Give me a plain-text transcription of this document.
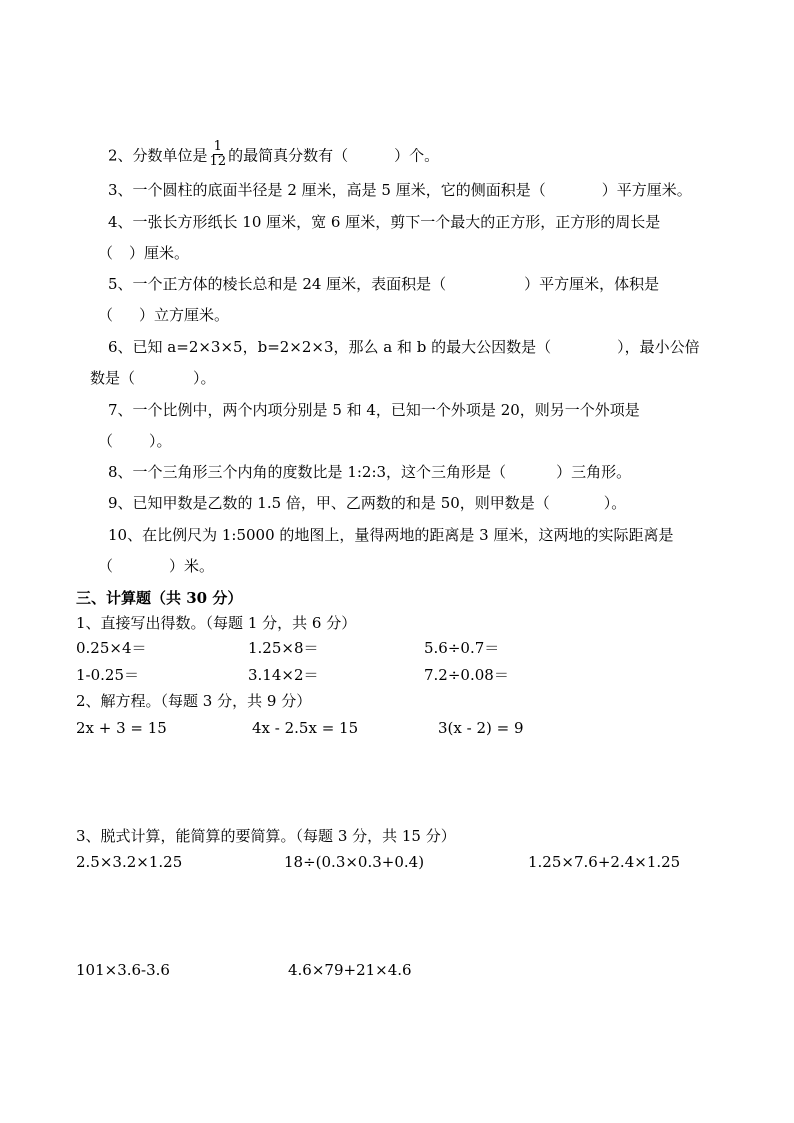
2、分数单位是 $\frac{1}{12}$ 的最简真分数有（	）个。
3、一个圆柱的底面半径是 2 厘米，高是 5 厘米，它的侧面积是（	）平方厘米。
4、一张长方形纸长 10 厘米，宽 6 厘米，剪下一个最大的正方形，正方形的周长是
（ ）厘米。
5、一个正方体的棱长总和是 24 厘米，表面积是（	）平方厘米，体积是
（ ）立方厘米。
6、已知 a=2×3×5，b=2×2×3，那么 a 和 b 的最大公因数是（	），最小公倍
数是（	）。
7、一个比例中，两个内项分别是 5 和 4，已知一个外项是 20，则另一个外项是
（ ）。
8、一个三角形三个内角的度数比是 1:2:3，这个三角形是（	）三角形。
9、已知甲数是乙数的 1.5 倍，甲、乙两数的和是 50，则甲数是（	）。
10、在比例尺为 1:5000 的地图上，量得两地的距离是 3 厘米，这两地的实际距离是
（	）米。
三、计算题（共 30 分）
1、直接写出得数。（每题 1 分，共 6 分）
0.25×4＝	1.25×8＝	5.6÷0.7＝
1-0.25＝	3.14×2＝	7.2÷0.08＝
2、解方程。（每题 3 分，共 9 分）
2x + 3 = 15	4x - 2.5x = 15	3(x - 2) = 9
3、脱式计算，能简算的要简算。（每题 3 分，共 15 分）
2.5×3.2×1.25	18÷(0.3×0.3+0.4)	1.25×7.6+2.4×1.25
101×3.6-3.6	4.6×79+21×4.6
